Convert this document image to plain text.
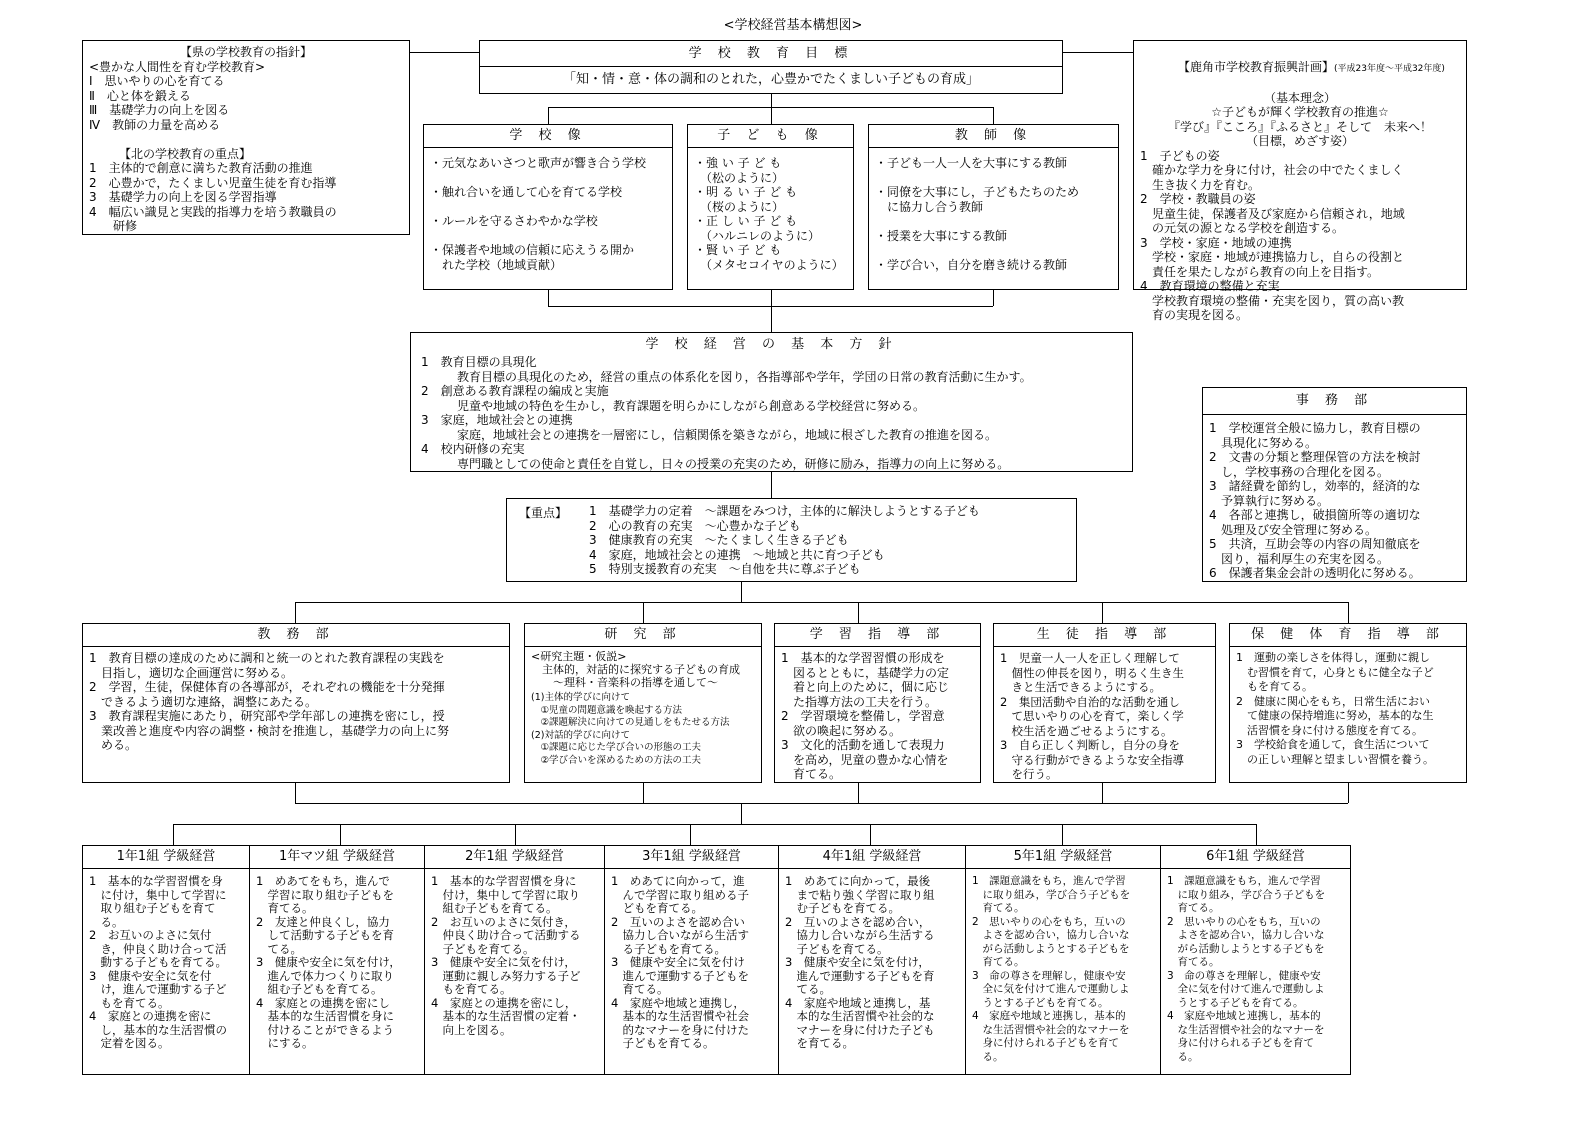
<学校経営基本構想図>
【県の学校教育の指針】
<豊かな人間性を育む学校教育>
Ⅰ　思いやりの心を育てる
Ⅱ　心と体を鍛える
Ⅲ　基礎学力の向上を図る
Ⅳ　教師の力量を高める

　　　【北の学校教育の重点】
1　主体的で創意に満ちた教育活動の推進
2　心豊かで，たくましい児童生徒を育む指導
3　基礎学力の向上を図る学習指導
4　幅広い識見と実践的指導力を培う教職員の
　　研修
学 校 教 育 目 標
「知・情・意・体の調和のとれた，心豊かでたくましい子どもの育成」

【鹿角市学校教育振興計画】(平成23年度～平成32年度)

（基本理念）
☆子どもが輝く学校教育の推進☆
『学び』『こころ』『ふるさと』そして　未来へ！
（目標，めざす姿）
1　子どもの姿
　確かな学力を身に付け，社会の中でたくましく
　生き抜く力を育む。
2　学校・教職員の姿
　児童生徒，保護者及び家庭から信頼され，地域
　の元気の源となる学校を創造する。
3　学校・家庭・地域の連携
　学校・家庭・地域が連携協力し，自らの役割と
　責任を果たしながら教育の向上を目指す。
4　教育環境の整備と充実
　学校教育環境の整備・充実を図り，質の高い教
　育の実現を図る。
学 校 像
・元気なあいさつと歌声が響き合う学校

・触れ合いを通して心を育てる学校

・ルールを守るさわやかな学校

・保護者や地域の信頼に応えうる開か
　れた学校（地域貢献）
子 ど も 像
・強 い 子 ど も
　（松のように）
・明 る い 子 ど も
　（桜のように）
・正 し い 子 ど も
　（ハルニレのように）
・賢 い 子 ど も
　（メタセコイヤのように）
教 師 像
・子ども一人一人を大事にする教師

・同僚を大事にし，子どもたちのため
　に協力し合う教師

・授業を大事にする教師

・学び合い，自分を磨き続ける教師
学 校 経 営 の 基 本 方 針
1　教育目標の具現化
　　　教育目標の具現化のため，経営の重点の体系化を図り，各指導部や学年，学団の日常の教育活動に生かす。
2　創意ある教育課程の編成と実施
　　　児童や地域の特色を生かし，教育課題を明らかにしながら創意ある学校経営に努める。
3　家庭，地域社会との連携
　　　家庭，地域社会との連携を一層密にし，信頼関係を築きながら，地域に根ざした教育の推進を図る。
4　校内研修の充実
　　　専門職としての使命と責任を自覚し，日々の授業の充実のため，研修に励み，指導力の向上に努める。
事 務 部
1　学校運営全般に協力し，教育目標の
　具現化に努める。
2　文書の分類と整理保管の方法を検討
　し，学校事務の合理化を図る。
3　諸経費を節約し，効率的，経済的な
　予算執行に努める。
4　各部と連携し，破損箇所等の適切な
　処理及び安全管理に努める。
5　共済，互助会等の内容の周知徹底を
　図り，福利厚生の充実を図る。
6　保護者集金会計の透明化に努める。
【重点】 1　基礎学力の定着　～課題をみつけ，主体的に解決しようとする子ども
2　心の教育の充実　～心豊かな子ども
3　健康教育の充実　～たくましく生きる子ども
4　家庭，地域社会との連携　～地域と共に育つ子ども
5　特別支援教育の充実　～自他を共に尊ぶ子ども
教 務 部
1　教育目標の達成のために調和と統一のとれた教育課程の実践を
　目指し，適切な企画運営に努める。
2　学習，生徒，保健体育の各導部が，それぞれの機能を十分発揮
　できるよう適切な連絡，調整にあたる。
3　教育課程実施にあたり，研究部や学年部しの連携を密にし，授
　業改善と進度や内容の調整・検討を推進し，基礎学力の向上に努
　める。
研 究 部
<研究主題・仮説>
　主体的，対話的に探究する子どもの育成
　　～理科・音楽科の指導を通して～
(1)主体的学びに向けて
　①児童の問題意識を喚起する方法
　②課題解決に向けての見通しをもたせる方法
(2)対話的学びに向けて
　①課題に応じた学び合いの形態の工夫
　②学び合いを深めるための方法の工夫
学 習 指 導 部
1　基本的な学習習慣の形成を
　図るとともに，基礎学力の定
　着と向上のために，個に応じ
　た指導方法の工夫を行う。
2　学習環境を整備し，学習意
　欲の喚起に努める。
3　文化的活動を通して表現力
　を高め，児童の豊かな心情を
　育てる。
生 徒 指 導 部
1　児童一人一人を正しく理解して
　個性の伸長を図り，明るく生き生
　きと生活できるようにする。
2　集団活動や自治的な活動を通し
　て思いやりの心を育て，楽しく学
　校生活を過ごせるようにする。
3　自ら正しく判断し，自分の身を
　守る行動ができるような安全指導
　を行う。
保 健 体 育 指 導 部
1　運動の楽しさを体得し，運動に親し
　む習慣を育て，心身ともに健全な子ど
　もを育てる。
2　健康に関心をもち，日常生活におい
　て健康の保持増進に努め，基本的な生
　活習慣を身に付ける態度を育てる。
3　学校給食を通して，食生活について
　の正しい理解と望ましい習慣を養う。
1年1組 学級経営
1　基本的な学習習慣を身
　に付け，集中して学習に
　取り組む子どもを育て
　る。
2　お互いのよさに気付
　き，仲良く助け合って活
　動する子どもを育てる。
3　健康や安全に気を付
　け，進んで運動する子ど
　もを育てる。
4　家庭との連携を密に
　し，基本的な生活習慣の
　定着を図る。
1年マツ組 学級経営
1　めあてをもち，進んで
　学習に取り組む子どもを
　育てる。
2　友達と仲良くし，協力
　して活動する子どもを育
　てる。
3　健康や安全に気を付け，
　進んで体力つくりに取り
　組む子どもを育てる。
4　家庭との連携を密にし
　基本的な生活習慣を身に
　付けることができるよう
　にする。
2年1組 学級経営
1　基本的な学習習慣を身に
　付け，集中して学習に取り
　組む子どもを育てる。
2　お互いのよさに気付き，
　仲良く助け合って活動する
　子どもを育てる。
3　健康や安全に気を付け，
　運動に親しみ努力する子ど
　もを育てる。
4　家庭との連携を密にし，
　基本的な生活習慣の定着・
　向上を図る。
3年1組 学級経営
1　めあてに向かって，進
　んで学習に取り組める子
　どもを育てる。
2　互いのよさを認め合い
　協力し合いながら生活す
　る子どもを育てる。
3　健康や安全に気を付け
　進んで運動する子どもを
　育てる。
4　家庭や地域と連携し，
　基本的な生活習慣や社会
　的なマナーを身に付けた
　子どもを育てる。
4年1組 学級経営
1　めあてに向かって，最後
　まで粘り強く学習に取り組
　む子どもを育てる。
2　互いのよさを認め合い，
　協力し合いながら生活する
　子どもを育てる。
3　健康や安全に気を付け，
　進んで運動する子どもを育
　てる。
4　家庭や地域と連携し，基
　本的な生活習慣や社会的な
　マナーを身に付けた子ども
　を育てる。
5年1組 学級経営
1　課題意識をもち，進んで学習
　に取り組み，学び合う子どもを
　育てる。
2　思いやりの心をもち，互いの
　よさを認め合い，協力し合いな
　がら活動しようとする子どもを
　育てる。
3　命の尊さを理解し，健康や安
　全に気を付けて進んで運動しよ
　うとする子どもを育てる。
4　家庭や地域と連携し，基本的
　な生活習慣や社会的なマナーを
　身に付けられる子どもを育て
　る。
6年1組 学級経営
1　課題意識をもち，進んで学習
　に取り組み，学び合う子どもを
　育てる。
2　思いやりの心をもち，互いの
　よさを認め合い，協力し合いな
　がら活動しようとする子どもを
　育てる。
3　命の尊さを理解し，健康や安
　全に気を付けて進んで運動しよ
　うとする子どもを育てる。
4　家庭や地域と連携し，基本的
　な生活習慣や社会的なマナーを
　身に付けられる子どもを育て
　る。
